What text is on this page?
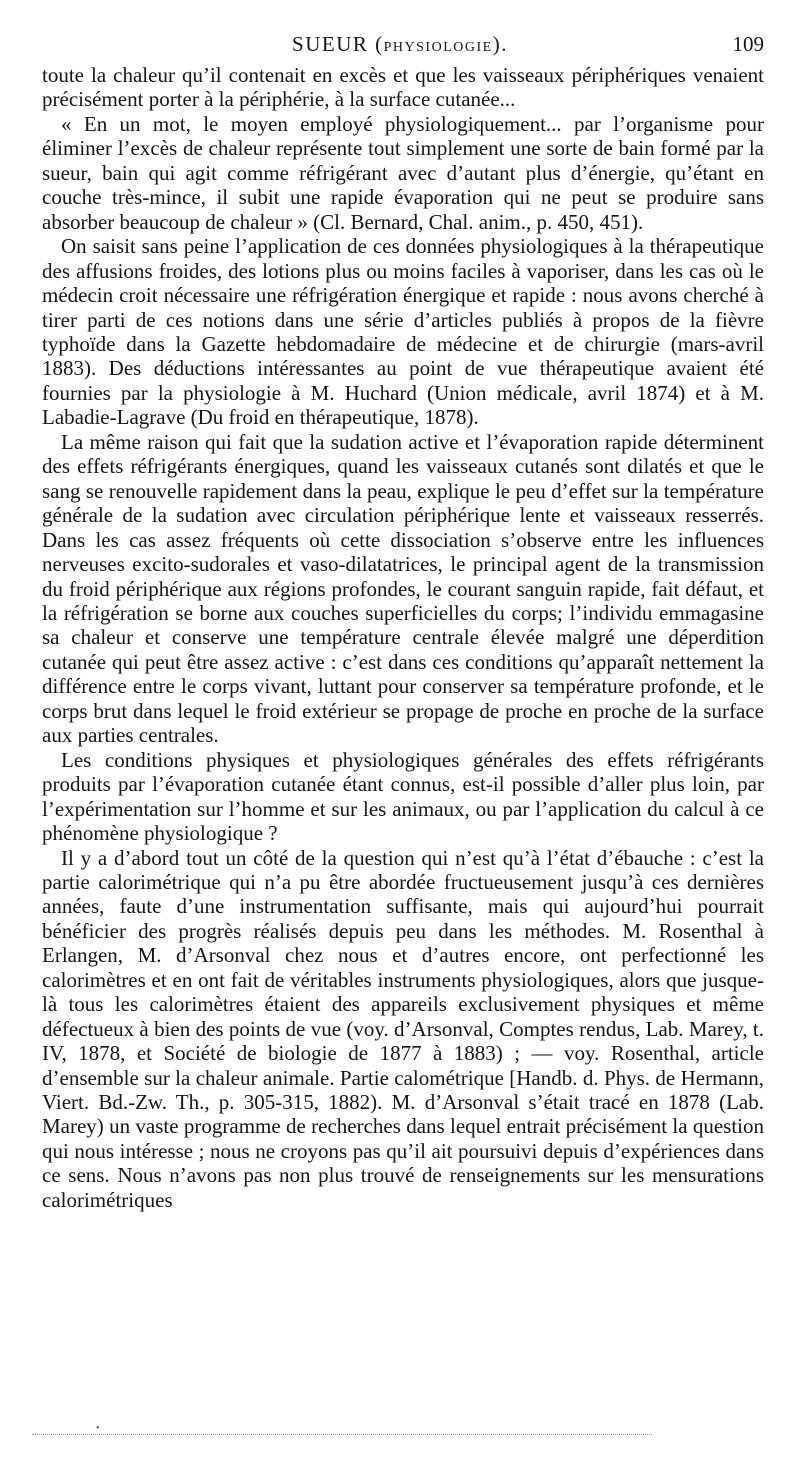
SUEUR (PHYSIOLOGIE).	109

toute la chaleur qu’il contenait en excès et que les vaisseaux périphériques venaient précisément porter à la périphérie, à la surface cutanée...

« En un mot, le moyen employé physiologiquement... par l’organisme pour éliminer l’excès de chaleur représente tout simplement une sorte de bain formé par la sueur, bain qui agit comme réfrigérant avec d’autant plus d’énergie, qu’étant en couche très-mince, il subit une rapide évaporation qui ne peut se produire sans absorber beaucoup de chaleur » (Cl. Bernard, Chal. anim., p. 450, 451).

On saisit sans peine l’application de ces données physiologiques à la thérapeutique des affusions froides, des lotions plus ou moins faciles à vaporiser, dans les cas où le médecin croit nécessaire une réfrigération énergique et rapide : nous avons cherché à tirer parti de ces notions dans une série d’articles publiés à propos de la fièvre typhoïde dans la Gazette hebdomadaire de médecine et de chirurgie (mars-avril 1883). Des déductions intéressantes au point de vue thérapeutique avaient été fournies par la physiologie à M. Huchard (Union médicale, avril 1874) et à M. Labadie-Lagrave (Du froid en thérapeutique, 1878).

La même raison qui fait que la sudation active et l’évaporation rapide déterminent des effets réfrigérants énergiques, quand les vaisseaux cutanés sont dilatés et que le sang se renouvelle rapidement dans la peau, explique le peu d’effet sur la température générale de la sudation avec circulation périphérique lente et vaisseaux resserrés. Dans les cas assez fréquents où cette dissociation s’observe entre les influences nerveuses excito-sudorales et vaso-dilatatrices, le principal agent de la transmission du froid périphérique aux régions profondes, le courant sanguin rapide, fait défaut, et la réfrigération se borne aux couches superficielles du corps; l’individu emmagasine sa chaleur et conserve une température centrale élevée malgré une déperdition cutanée qui peut être assez active : c’est dans ces conditions qu’apparaît nettement la différence entre le corps vivant, luttant pour conserver sa température profonde, et le corps brut dans lequel le froid extérieur se propage de proche en proche de la surface aux parties centrales.

Les conditions physiques et physiologiques générales des effets réfrigérants produits par l’évaporation cutanée étant connus, est-il possible d’aller plus loin, par l’expérimentation sur l’homme et sur les animaux, ou par l’application du calcul à ce phénomène physiologique ?

Il y a d’abord tout un côté de la question qui n’est qu’à l’état d’ébauche : c’est la partie calorimétrique qui n’a pu être abordée fructueusement jusqu’à ces dernières années, faute d’une instrumentation suffisante, mais qui aujourd’hui pourrait bénéficier des progrès réalisés depuis peu dans les méthodes. M. Rosenthal à Erlangen, M. d’Arsonval chez nous et d’autres encore, ont perfectionné les calorimètres et en ont fait de véritables instruments physiologiques, alors que jusque-là tous les calorimètres étaient des appareils exclusivement physiques et même défectueux à bien des points de vue (voy. d’Arsonval, Comptes rendus, Lab. Marey, t. IV, 1878, et Société de biologie de 1877 à 1883) ; — voy. Rosenthal, article d’ensemble sur la chaleur animale. Partie calométrique [Handb. d. Phys. de Hermann, Viert. Bd.-Zw. Th., p. 305-315, 1882). M. d’Arsonval s’était tracé en 1878 (Lab. Marey) un vaste programme de recherches dans lequel entrait précisément la question qui nous intéresse ; nous ne croyons pas qu’il ait poursuivi depuis d’expériences dans ce sens. Nous n’avons pas non plus trouvé de renseignements sur les mensurations calorimétriques

•
